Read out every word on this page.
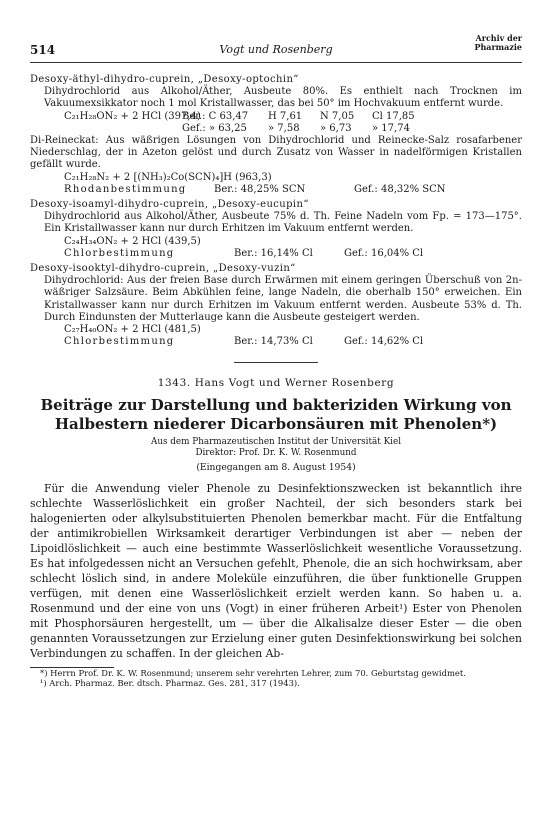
514	Vogt und Rosenberg
Archiv der
Pharmazie
Desoxy-äthyl-dihydro-cuprein, „Desoxy-optochin“
Dihydrochlorid aus Alkohol/Äther, Ausbeute 80%. Es enthielt nach Trocknen im Vakuumexsikkator noch 1 mol Kristallwasser, das bei 50° im Hochvakuum entfernt wurde.
C₂₁H₂₈ON₂ + 2 HCl (397,4)
Ber.: C 63,47	H 7,61	N 7,05	Cl 17,85
Gef.: » 63,25	» 7,58	» 6,73	» 17,74
Di-Reineckat: Aus wäßrigen Lösungen von Dihydrochlorid und Reinecke-Salz rosafarbener Niederschlag, der in Azeton gelöst und durch Zusatz von Wasser in nadelförmigen Kristallen gefällt wurde.
C₂₁H₂₈N₂ + 2 [(NH₃)₂Co(SCN)₄]H (963,3)
Rhodanbestimmung	Ber.: 48,25% SCN	Gef.: 48,32% SCN
Desoxy-isoamyl-dihydro-cuprein, „Desoxy-eucupin“
Dihydrochlorid aus Alkohol/Äther, Ausbeute 75% d. Th. Feine Nadeln vom Fp. = 173—175°. Ein Kristallwasser kann nur durch Erhitzen im Vakuum entfernt werden.
C₂₄H₃₄ON₂ + 2 HCl (439,5)
Chlorbestimmung	Ber.: 16,14% Cl	Gef.: 16,04% Cl
Desoxy-isooktyl-dihydro-cuprein, „Desoxy-vuzin“
Dihydrochlorid: Aus der freien Base durch Erwärmen mit einem geringen Überschuß von 2n-wäßriger Salzsäure. Beim Abkühlen feine, lange Nadeln, die oberhalb 150° erweichen. Ein Kristallwasser kann nur durch Erhitzen im Vakuum entfernt werden. Ausbeute 53% d. Th. Durch Eindunsten der Mutterlauge kann die Ausbeute gesteigert werden.
C₂₇H₄₀ON₂ + 2 HCl (481,5)
Chlorbestimmung	Ber.: 14,73% Cl	Gef.: 14,62% Cl
1343. Hans Vogt und Werner Rosenberg
Beiträge zur Darstellung und bakteriziden Wirkung von
Halbestern niederer Dicarbonsäuren mit Phenolen*)
Aus dem Pharmazeutischen Institut der Universität Kiel
Direktor: Prof. Dr. K. W. Rosenmund
(Eingegangen am 8. August 1954)
Für die Anwendung vieler Phenole zu Desinfektionszwecken ist bekanntlich ihre schlechte Wasserlöslichkeit ein großer Nachteil, der sich besonders stark bei halogenierten oder alkylsubstituierten Phenolen bemerkbar macht. Für die Entfaltung der antimikrobiellen Wirksamkeit derartiger Verbindungen ist aber — neben der Lipoidlöslichkeit — auch eine bestimmte Wasserlöslichkeit wesentliche Voraussetzung. Es hat infolgedessen nicht an Versuchen gefehlt, Phenole, die an sich hochwirksam, aber schlecht löslich sind, in andere Moleküle einzuführen, die über funktionelle Gruppen verfügen, mit denen eine Wasserlöslichkeit erzielt werden kann. So haben u. a. Rosenmund und der eine von uns (Vogt) in einer früheren Arbeit¹) Ester von Phenolen mit Phosphorsäuren hergestellt, um — über die Alkalisalze dieser Ester — die oben genannten Voraussetzungen zur Erzielung einer guten Desinfektionswirkung bei solchen Verbindungen zu schaffen. In der gleichen Ab-
*) Herrn Prof. Dr. K. W. Rosenmund; unserem sehr verehrten Lehrer, zum 70. Geburtstag gewidmet.
¹) Arch. Pharmaz. Ber. dtsch. Pharmaz. Ges. 281, 317 (1943).
